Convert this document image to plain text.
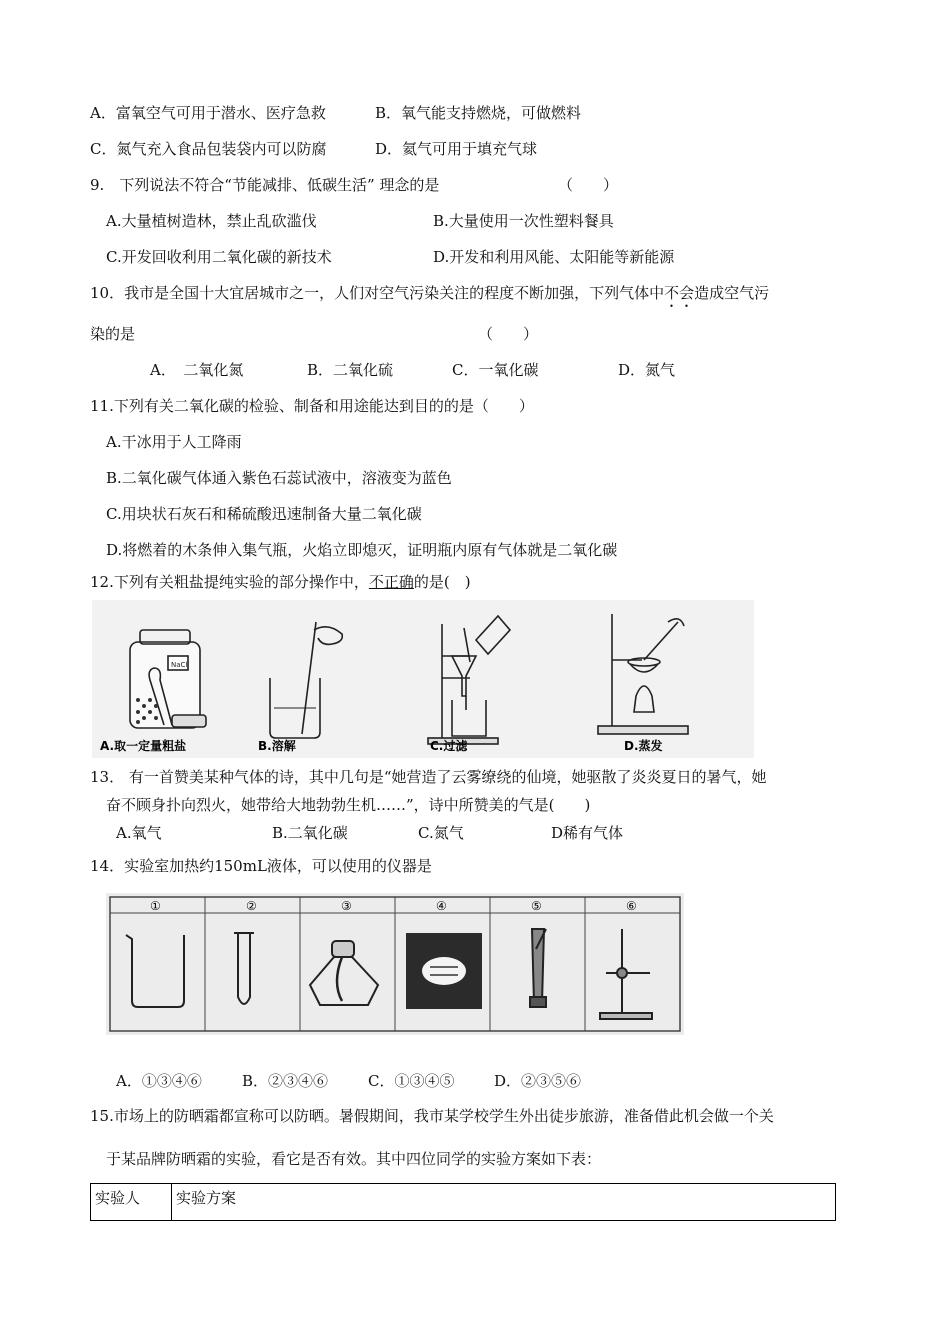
A．富氧空气可用于潜水、医疗急救	B．氧气能支持燃烧，可做燃料
C．氮气充入食品包装袋内可以防腐	D．氦气可用于填充气球
9.　下列说法不符合“节能减排、低碳生活” 理念的是	（　　）
A.大量植树造林，禁止乱砍滥伐	B.大量使用一次性塑料餐具
C.开发回收利用二氧化碳的新技术	D.开发和利用风能、太阳能等新能源
10．我市是全国十大宜居城市之一，人们对空气污染关注的程度不断加强，下列气体中不会造成空气污
染的是	（　　）
A．　二氧化氮	B．二氧化硫	C．一氧化碳	D．氮气
11.下列有关二氧化碳的检验、制备和用途能达到目的的是（　　）
A.干冰用于人工降雨
B.二氧化碳气体通入紫色石蕊试液中，溶液变为蓝色
C.用块状石灰石和稀硫酸迅速制备大量二氧化碳
D.将燃着的木条伸入集气瓶，火焰立即熄灭，证明瓶内原有气体就是二氧化碳
12.下列有关粗盐提纯实验的部分操作中，不正确的是(　)
NaCl
A.取一定量粗盐	B.溶解	C.过滤	D.蒸发
13． 有一首赞美某种气体的诗，其中几句是“她营造了云雾缭绕的仙境，她驱散了炎炎夏日的暑气，她
奋不顾身扑向烈火，她带给大地勃勃生机……”，诗中所赞美的气是(　　)
A.氧气	B.二氧化碳	C.氮气	D稀有气体
14．实验室加热约150mL液体，可以使用的仪器是
①	②	③	④	⑤	⑥
A．①③④⑥	B．②③④⑥	C．①③④⑤	D．②③⑤⑥
15.市场上的防晒霜都宣称可以防晒。暑假期间，我市某学校学生外出徒步旅游，准备借此机会做一个关
于某品牌防晒霜的实验，看它是否有效。其中四位同学的实验方案如下表：
实验人	实验方案
